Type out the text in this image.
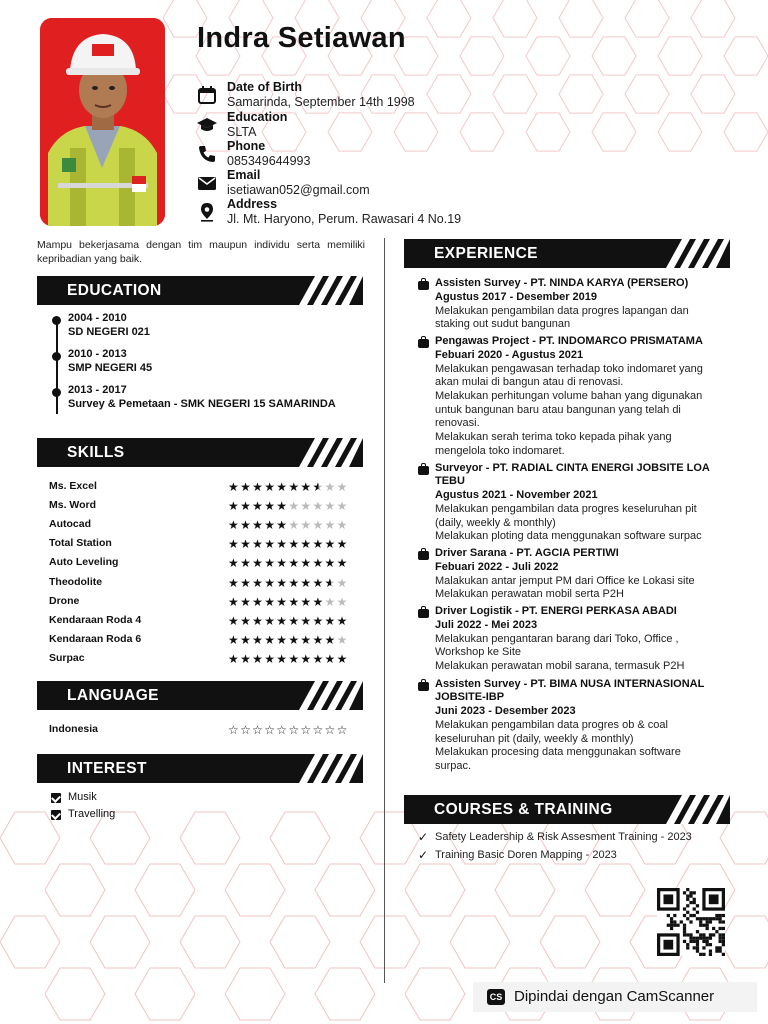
Indra Setiawan
Mampu bekerjasama dengan tim maupun individu serta memiliki kepribadian yang baik.
EDUCATION
SKILLS
LANGUAGE
INTEREST
EXPERIENCE
COURSES & TRAINING
CS Dipindai dengan CamScanner
Date of Birth
Samarinda, September 14th 1998
Education
SLTA
Phone
085349644993
Email
isetiawan052@gmail.com
Address
Jl. Mt. Haryono, Perum. Rawasari 4 No.19
2004 - 2010
SD NEGERI 021
2010 - 2013
SMP NEGERI 45
2013 - 2017
Survey & Pemetaan - SMK NEGERI 15 SAMARINDA
Ms. Excel	★★★★★★★★★★
Ms. Word	★★★★★★★★★★
Autocad	★★★★★★★★★★
Total Station	★★★★★★★★★★
Auto Leveling	★★★★★★★★★★
Theodolite	★★★★★★★★★★
Drone	★★★★★★★★★★
Kendaraan Roda 4	★★★★★★★★★★
Kendaraan Roda 6	★★★★★★★★★★
Surpac	★★★★★★★★★★
Indonesia	☆☆☆☆☆☆☆☆☆☆
Musik
Travelling
Assisten Survey - PT. NINDA KARYA (PERSERO)
Agustus 2017 - Desember 2019
Melakukan pengambilan data progres lapangan dan
staking out sudut bangunan
Pengawas Project - PT. INDOMARCO PRISMATAMA
Febuari 2020 - Agustus 2021
Melakukan pengawasan terhadap toko indomaret yang
akan mulai di bangun atau di renovasi.
Melakukan perhitungan volume bahan yang digunakan
untuk bangunan baru atau bangunan yang telah di
renovasi.
Melakukan serah terima toko kepada pihak yang
mengelola toko indomaret.
Surveyor - PT. RADIAL CINTA ENERGI JOBSITE LOA TEBU
Agustus 2021 - November 2021
Melakukan pengambilan data progres keseluruhan pit
(daily, weekly & monthly)
Melakukan ploting data menggunakan software surpac
Driver Sarana - PT. AGCIA PERTIWI
Febuari 2022 - Juli 2022
Malakukan antar jemput PM dari Office ke Lokasi site
Melakukan perawatan mobil serta P2H
Driver Logistik - PT. ENERGI PERKASA ABADI
Juli 2022 - Mei 2023
Melakukan pengantaran barang dari Toko, Office ,
Workshop ke Site
Melakukan perawatan mobil sarana, termasuk P2H
Assisten Survey - PT. BIMA NUSA INTERNASIONAL JOBSITE-IBP
Juni 2023 - Desember 2023
Melakukan pengambilan data progres ob & coal
keseluruhan pit (daily, weekly & monthly)
Melakukan procesing data menggunakan software
surpac.
✓ Safety Leadership & Risk Assesment Training - 2023
✓ Training Basic Doren Mapping - 2023
